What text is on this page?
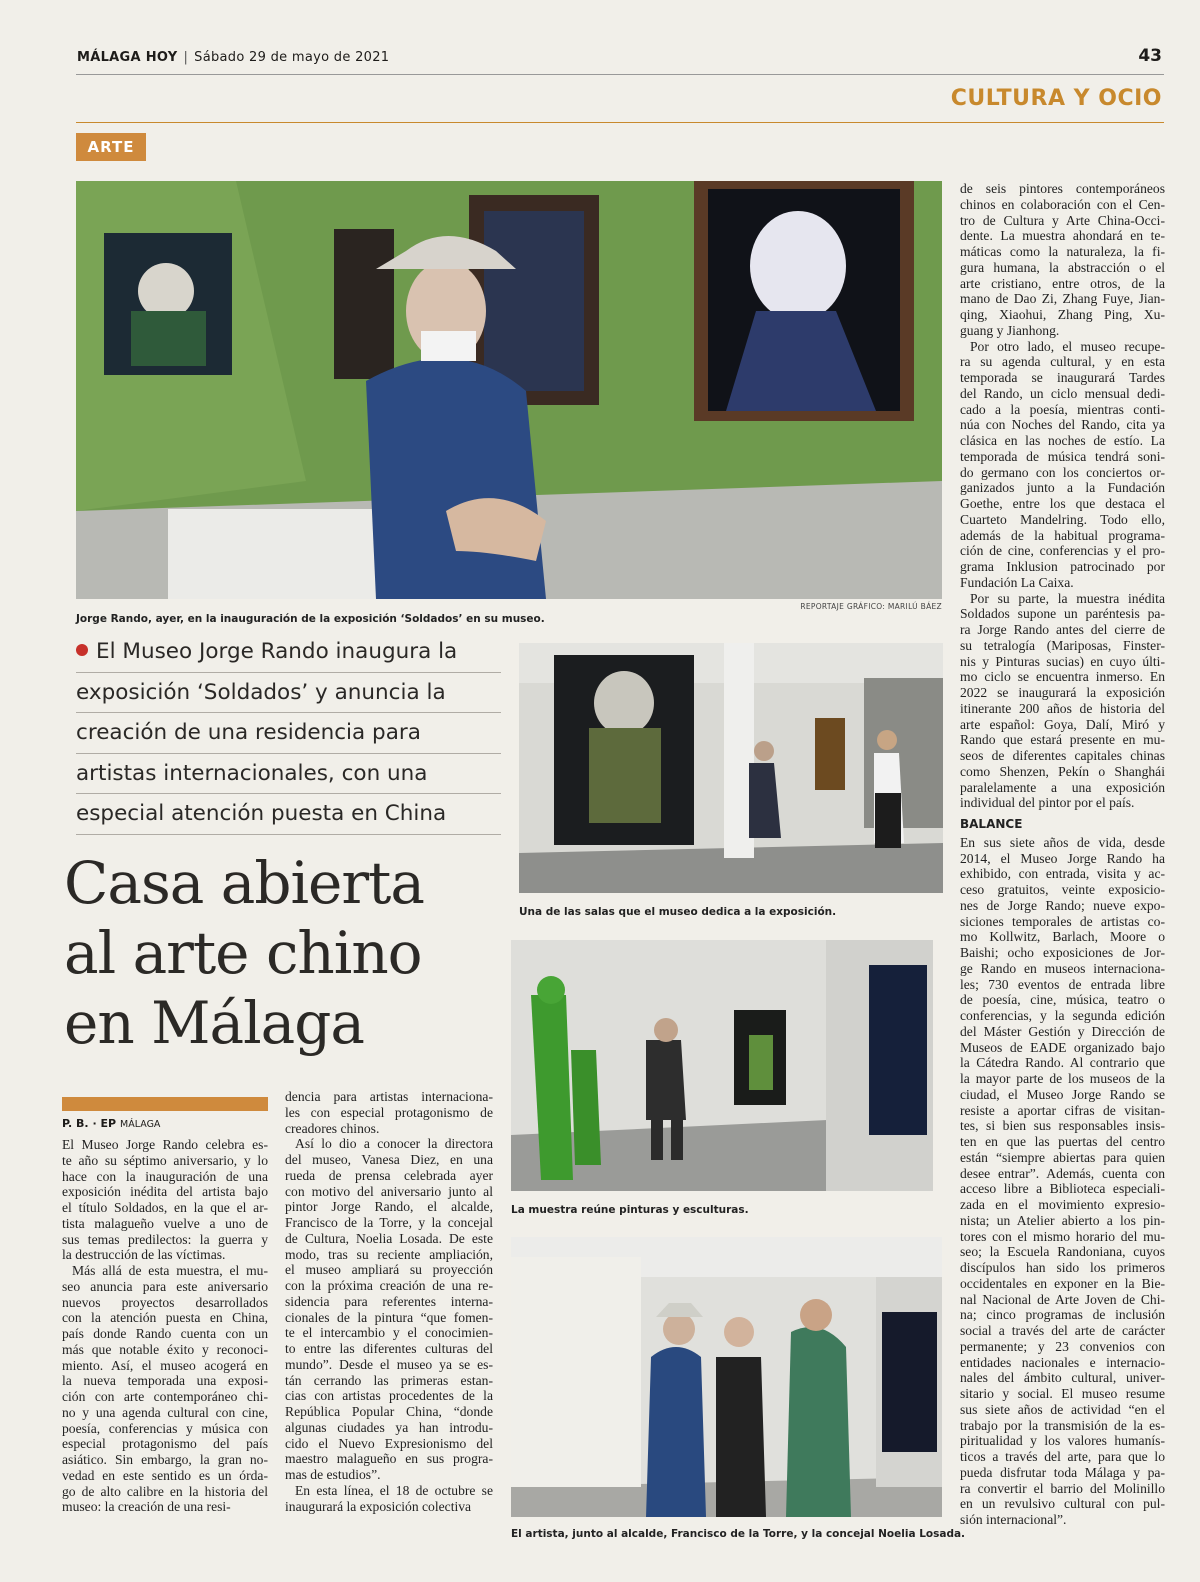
MÁLAGA HOY | Sábado 29 de mayo de 2021	43
CULTURA Y OCIO
ARTE
Jorge Rando, ayer, en la inauguración de la exposición ‘Soldados’ en su museo.
REPORTAJE GRÁFICO: MARILÚ BÁEZ
El Museo Jorge Rando inaugura la
exposición ‘Soldados’ y anuncia la
creación de una residencia para
artistas internacionales, con una
especial atención puesta en China
Casa abierta
al arte chino
en Málaga
P. B. · EP MÁLAGA
Una de las salas que el museo dedica a la exposición.
La muestra reúne pinturas y esculturas.
El artista, junto al alcalde, Francisco de la Torre, y la concejal Noelia Losada.
El Museo Jorge Rando celebra es-
te año su séptimo aniversario, y lo
hace con la inauguración de una
exposición inédita del artista bajo
el título Soldados, en la que el ar-
tista malagueño vuelve a uno de
sus temas predilectos: la guerra y
la destrucción de las víctimas.
Más allá de esta muestra, el mu-
seo anuncia para este aniversario
nuevos proyectos desarrollados
con la atención puesta en China,
país donde Rando cuenta con un
más que notable éxito y reconoci-
miento. Así, el museo acogerá en
la nueva temporada una exposi-
ción con arte contemporáneo chi-
no y una agenda cultural con cine,
poesía, conferencias y música con
especial protagonismo del país
asiático. Sin embargo, la gran no-
vedad en este sentido es un órda-
go de alto calibre en la historia del
museo: la creación de una resi-
dencia para artistas internaciona-
les con especial protagonismo de
creadores chinos.
Así lo dio a conocer la directora
del museo, Vanesa Diez, en una
rueda de prensa celebrada ayer
con motivo del aniversario junto al
pintor Jorge Rando, el alcalde,
Francisco de la Torre, y la concejal
de Cultura, Noelia Losada. De este
modo, tras su reciente ampliación,
el museo ampliará su proyección
con la próxima creación de una re-
sidencia para referentes interna-
cionales de la pintura “que fomen-
te el intercambio y el conocimien-
to entre las diferentes culturas del
mundo”. Desde el museo ya se es-
tán cerrando las primeras estan-
cias con artistas procedentes de la
República Popular China, “donde
algunas ciudades ya han introdu-
cido el Nuevo Expresionismo del
maestro malagueño en sus progra-
mas de estudios”.
En esta línea, el 18 de octubre se
inaugurará la exposición colectiva
de seis pintores contemporáneos
chinos en colaboración con el Cen-
tro de Cultura y Arte China-Occi-
dente. La muestra ahondará en te-
máticas como la naturaleza, la fi-
gura humana, la abstracción o el
arte cristiano, entre otros, de la
mano de Dao Zi, Zhang Fuye, Jian-
qing, Xiaohui, Zhang Ping, Xu-
guang y Jianhong.
Por otro lado, el museo recupe-
ra su agenda cultural, y en esta
temporada se inaugurará Tardes
del Rando, un ciclo mensual dedi-
cado a la poesía, mientras conti-
núa con Noches del Rando, cita ya
clásica en las noches de estío. La
temporada de música tendrá soni-
do germano con los conciertos or-
ganizados junto a la Fundación
Goethe, entre los que destaca el
Cuarteto Mandelring. Todo ello,
además de la habitual programa-
ción de cine, conferencias y el pro-
grama Inklusion patrocinado por
Fundación La Caixa.
Por su parte, la muestra inédita
Soldados supone un paréntesis pa-
ra Jorge Rando antes del cierre de
su tetralogía (Mariposas, Finster-
nis y Pinturas sucias) en cuyo últi-
mo ciclo se encuentra inmerso. En
2022 se inaugurará la exposición
itinerante 200 años de historia del
arte español: Goya, Dalí, Miró y
Rando que estará presente en mu-
seos de diferentes capitales chinas
como Shenzen, Pekín o Shanghái
paralelamente a una exposición
individual del pintor por el país.
BALANCE
En sus siete años de vida, desde
2014, el Museo Jorge Rando ha
exhibido, con entrada, visita y ac-
ceso gratuitos, veinte exposicio-
nes de Jorge Rando; nueve expo-
siciones temporales de artistas co-
mo Kollwitz, Barlach, Moore o
Baishi; ocho exposiciones de Jor-
ge Rando en museos internaciona-
les; 730 eventos de entrada libre
de poesía, cine, música, teatro o
conferencias, y la segunda edición
del Máster Gestión y Dirección de
Museos de EADE organizado bajo
la Cátedra Rando. Al contrario que
la mayor parte de los museos de la
ciudad, el Museo Jorge Rando se
resiste a aportar cifras de visitan-
tes, si bien sus responsables insis-
ten en que las puertas del centro
están “siempre abiertas para quien
desee entrar”. Además, cuenta con
acceso libre a Biblioteca especiali-
zada en el movimiento expresio-
nista; un Atelier abierto a los pin-
tores con el mismo horario del mu-
seo; la Escuela Randoniana, cuyos
discípulos han sido los primeros
occidentales en exponer en la Bie-
nal Nacional de Arte Joven de Chi-
na; cinco programas de inclusión
social a través del arte de carácter
permanente; y 23 convenios con
entidades nacionales e internacio-
nales del ámbito cultural, univer-
sitario y social. El museo resume
sus siete años de actividad “en el
trabajo por la transmisión de la es-
piritualidad y los valores humanís-
ticos a través del arte, para que lo
pueda disfrutar toda Málaga y pa-
ra convertir el barrio del Molinillo
en un revulsivo cultural con pul-
sión internacional”.
